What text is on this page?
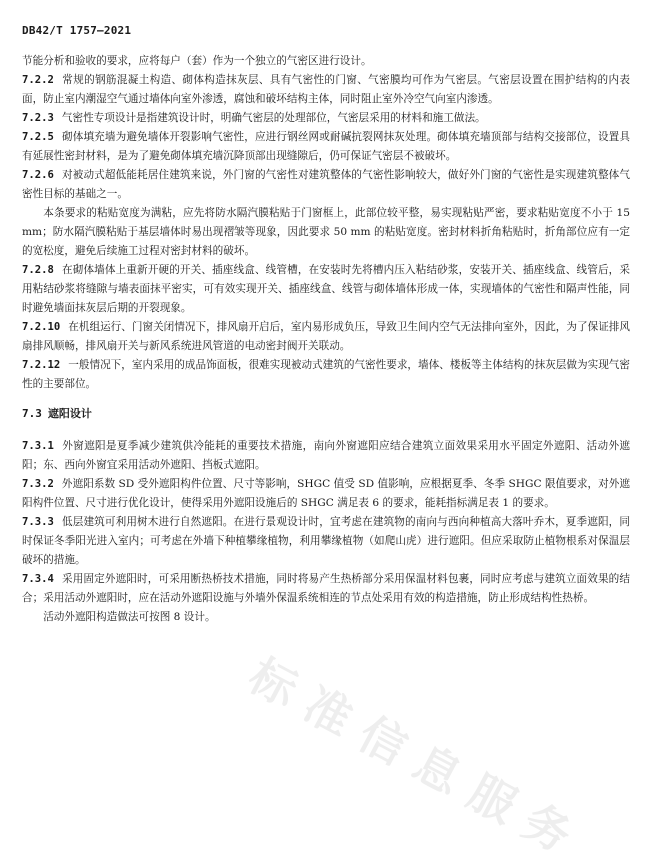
标 准 信 息 服 务
DB42/T 1757—2021

节能分析和验收的要求，应将每户（套）作为一个独立的气密区进行设计。

7.2.2 常规的钢筋混凝土构造、砌体构造抹灰层、具有气密性的门窗、气密膜均可作为气密层。气密层设置在围护结构的内表面，防止室内潮湿空气通过墙体向室外渗透，腐蚀和破坏结构主体，同时阻止室外冷空气向室内渗透。

7.2.3 气密性专项设计是指建筑设计时，明确气密层的处理部位，气密层采用的材料和施工做法。

7.2.5 砌体填充墙为避免墙体开裂影响气密性，应进行钢丝网或耐碱抗裂网抹灰处理。砌体填充墙顶部与结构交接部位，设置具有延展性密封材料，是为了避免砌体填充墙沉降顶部出现缝隙后，仍可保证气密层不被破坏。

7.2.6 对被动式超低能耗居住建筑来说，外门窗的气密性对建筑整体的气密性影响较大，做好外门窗的气密性是实现建筑整体气密性目标的基础之一。

本条要求的粘贴宽度为满粘，应先将防水隔汽膜粘贴于门窗框上，此部位较平整，易实现粘贴严密，要求粘贴宽度不小于 15 mm；防水隔汽膜粘贴于基层墙体时易出现褶皱等现象，因此要求 50 mm 的粘贴宽度。密封材料折角粘贴时，折角部位应有一定的宽松度，避免后续施工过程对密封材料的破坏。

7.2.8 在砌体墙体上重新开硬的开关、插座线盒、线管槽，在安装时先将槽内压入粘结砂浆，安装开关、插座线盒、线管后，采用粘结砂浆将缝隙与墙表面抹平密实，可有效实现开关、插座线盒、线管与砌体墙体形成一体，实现墙体的气密性和隔声性能，同时避免墙面抹灰层后期的开裂现象。

7.2.10 在机组运行、门窗关闭情况下，排风扇开启后，室内易形成负压，导致卫生间内空气无法排向室外，因此，为了保证排风扇排风顺畅，排风扇开关与新风系统进风管道的电动密封阀开关联动。

7.2.12 一般情况下，室内采用的成品饰面板，很难实现被动式建筑的气密性要求，墙体、楼板等主体结构的抹灰层做为实现气密性的主要部位。

7.3 遮阳设计

7.3.1 外窗遮阳是夏季减少建筑供冷能耗的重要技术措施，南向外窗遮阳应结合建筑立面效果采用水平固定外遮阳、活动外遮阳；东、西向外窗宜采用活动外遮阳、挡板式遮阳。

7.3.2 外遮阳系数 SD 受外遮阳构件位置、尺寸等影响，SHGC 值受 SD 值影响，应根据夏季、冬季 SHGC 限值要求，对外遮阳构件位置、尺寸进行优化设计，使得采用外遮阳设施后的 SHGC 满足表 6 的要求，能耗指标满足表 1 的要求。

7.3.3 低层建筑可利用树木进行自然遮阳。在进行景观设计时，宜考虑在建筑物的南向与西向种植高大落叶乔木，夏季遮阳，同时保证冬季阳光进入室内；可考虑在外墙下种植攀缘植物，利用攀缘植物（如爬山虎）进行遮阳。但应采取防止植物根系对保温层破坏的措施。

7.3.4 采用固定外遮阳时，可采用断热桥技术措施，同时将易产生热桥部分采用保温材料包裹，同时应考虑与建筑立面效果的结合；采用活动外遮阳时，应在活动外遮阳设施与外墙外保温系统相连的节点处采用有效的构造措施，防止形成结构性热桥。

活动外遮阳构造做法可按图 8 设计。
